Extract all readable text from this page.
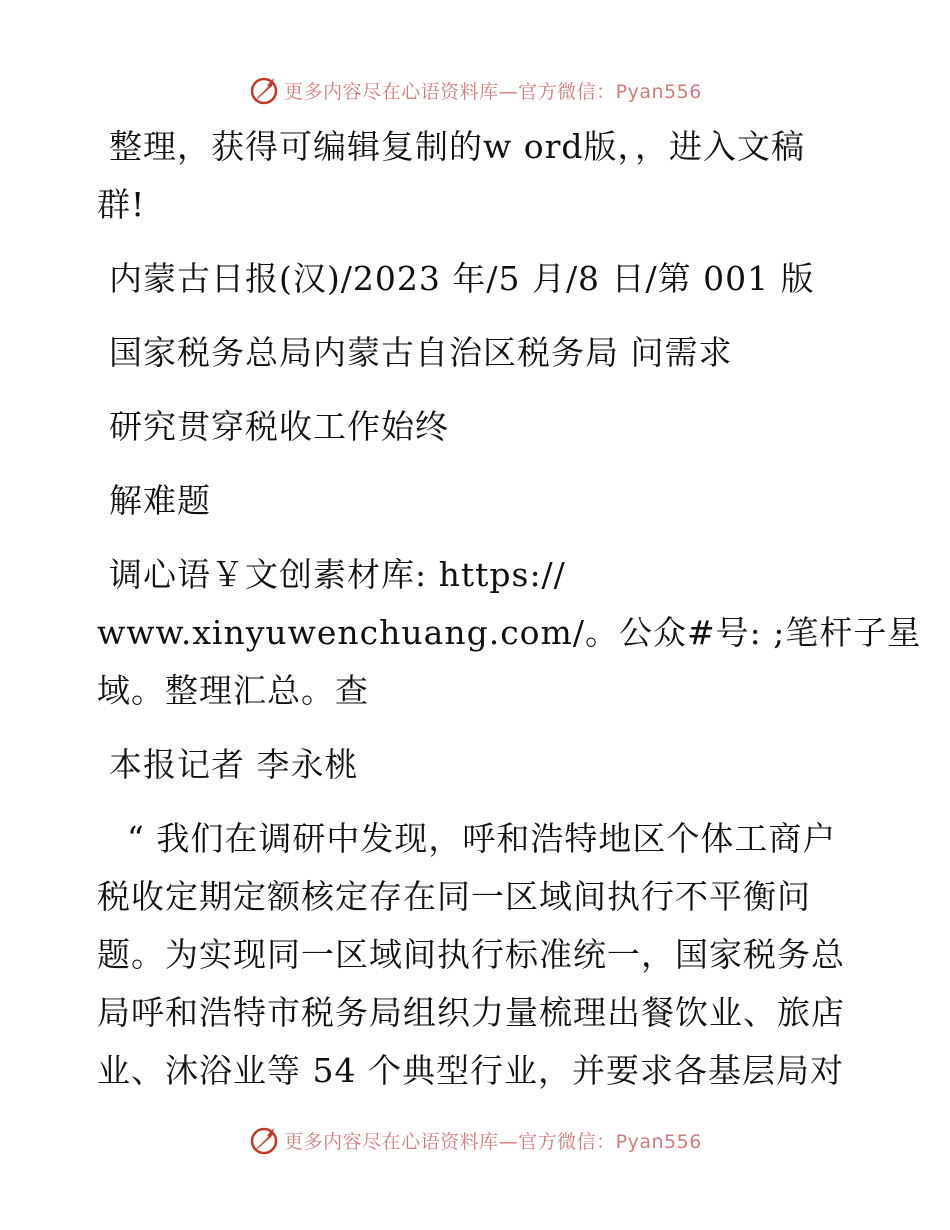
更多内容尽在心语资料库—官方微信：Pyan556
整理，获得可编辑复制的w ord版，，进入文稿
群!
内蒙古日报(汉)/2023 年/5 月/8 日/第 001 版
国家税务总局内蒙古自治区税务局 问需求
研究贯穿税收工作始终
解难题
调心语￥文创素材库: https://
www.xinyuwenchuang.com/。公众#号: ;笔杆子星
域。整理汇总。查
本报记者 李永桃
“ 我们在调研中发现，呼和浩特地区个体工商户
税收定期定额核定存在同一区域间执行不平衡问
题。为实现同一区域间执行标准统一，国家税务总
局呼和浩特市税务局组织力量梳理出餐饮业、旅店
业、沐浴业等 54 个典型行业，并要求各基层局对
更多内容尽在心语资料库—官方微信：Pyan556
